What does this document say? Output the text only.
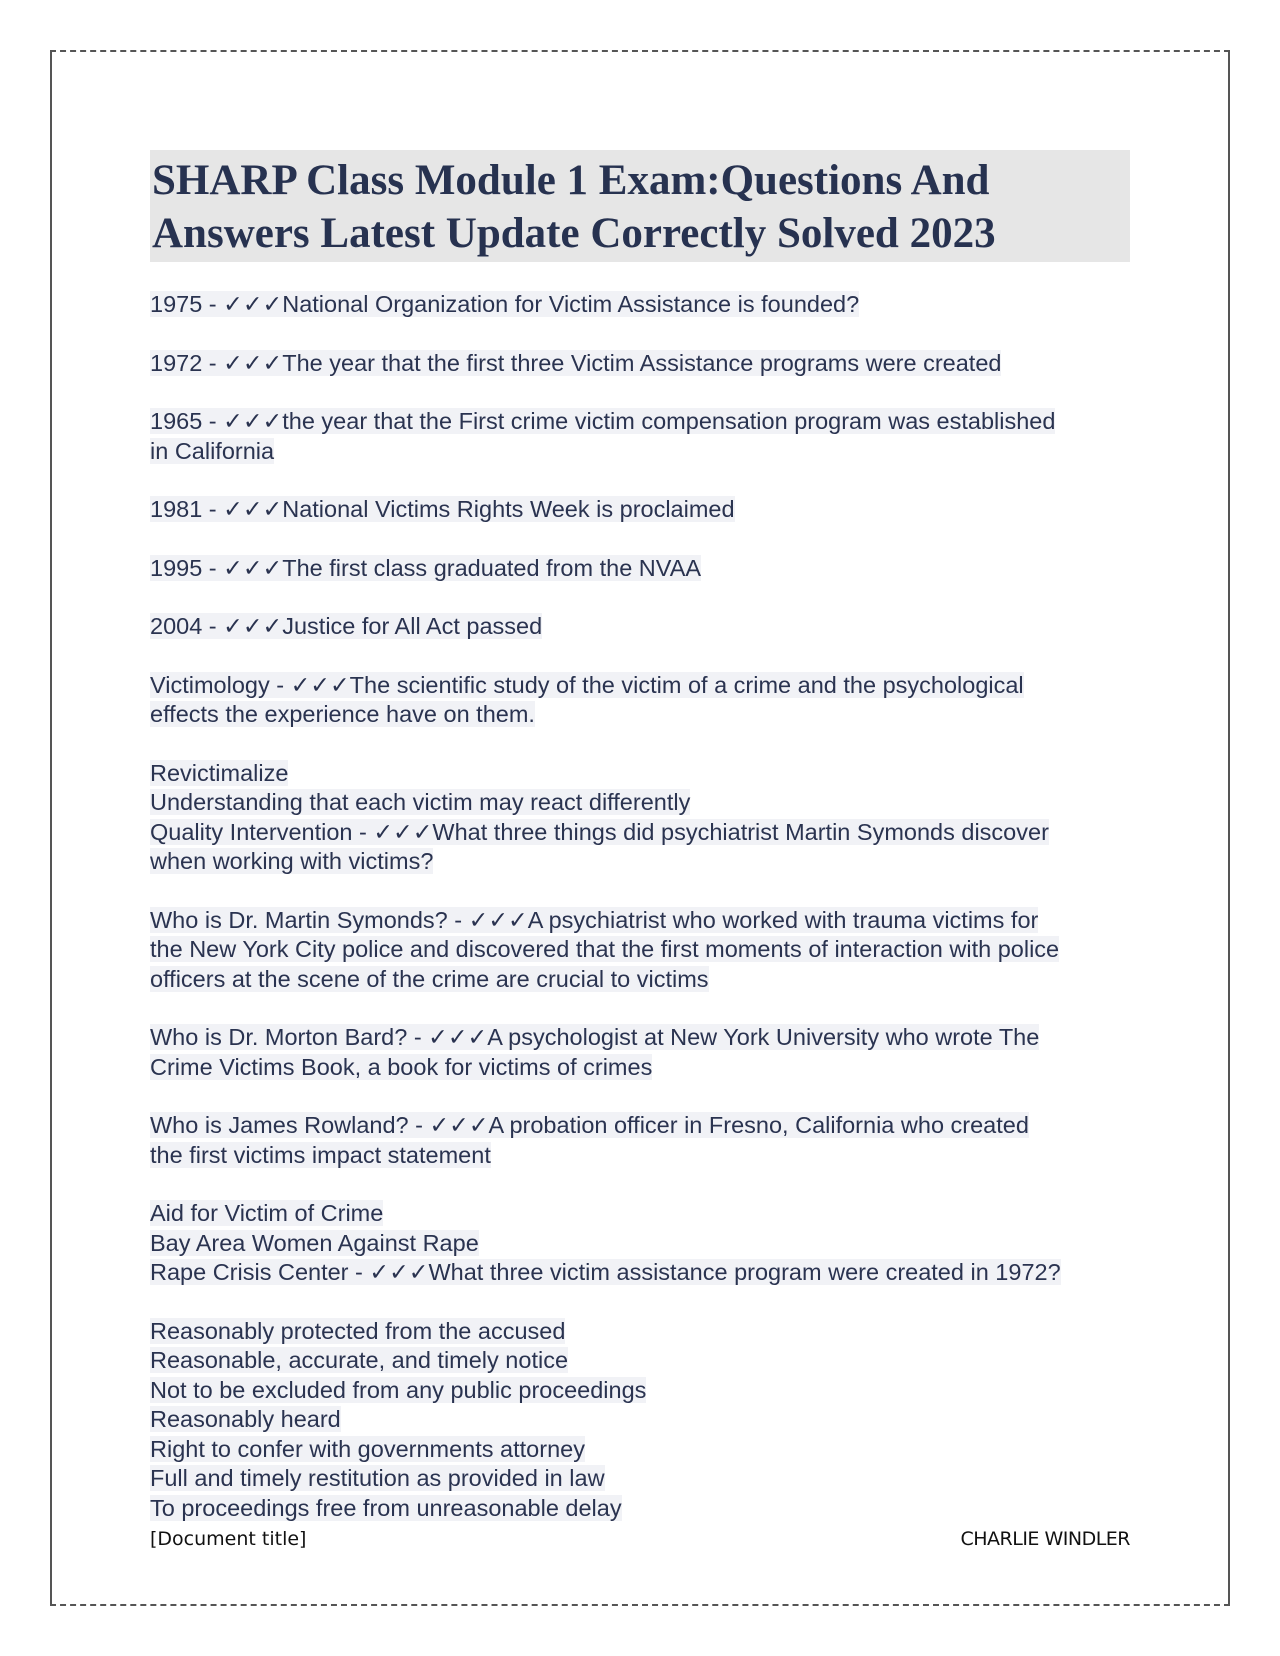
SHARP Class Module 1 Exam:Questions And Answers Latest Update Correctly Solved 2023
1975 - ✓✓✓National Organization for Victim Assistance is founded?
1972 - ✓✓✓The year that the first three Victim Assistance programs were created
1965 - ✓✓✓the year that the First crime victim compensation program was established
in California
1981 - ✓✓✓National Victims Rights Week is proclaimed
1995 - ✓✓✓The first class graduated from the NVAA
2004 - ✓✓✓Justice for All Act passed
Victimology - ✓✓✓The scientific study of the victim of a crime and the psychological
effects the experience have on them.
Revictimalize
Understanding that each victim may react differently
Quality Intervention - ✓✓✓What three things did psychiatrist Martin Symonds discover
when working with victims?
Who is Dr. Martin Symonds? - ✓✓✓A psychiatrist who worked with trauma victims for
the New York City police and discovered that the first moments of interaction with police
officers at the scene of the crime are crucial to victims
Who is Dr. Morton Bard? - ✓✓✓A psychologist at New York University who wrote The
Crime Victims Book, a book for victims of crimes
Who is James Rowland? - ✓✓✓A probation officer in Fresno, California who created
the first victims impact statement
Aid for Victim of Crime
Bay Area Women Against Rape
Rape Crisis Center - ✓✓✓What three victim assistance program were created in 1972?
Reasonably protected from the accused
Reasonable, accurate, and timely notice
Not to be excluded from any public proceedings
Reasonably heard
Right to confer with governments attorney
Full and timely restitution as provided in law
To proceedings free from unreasonable delay
[Document title]	CHARLIE WINDLER
